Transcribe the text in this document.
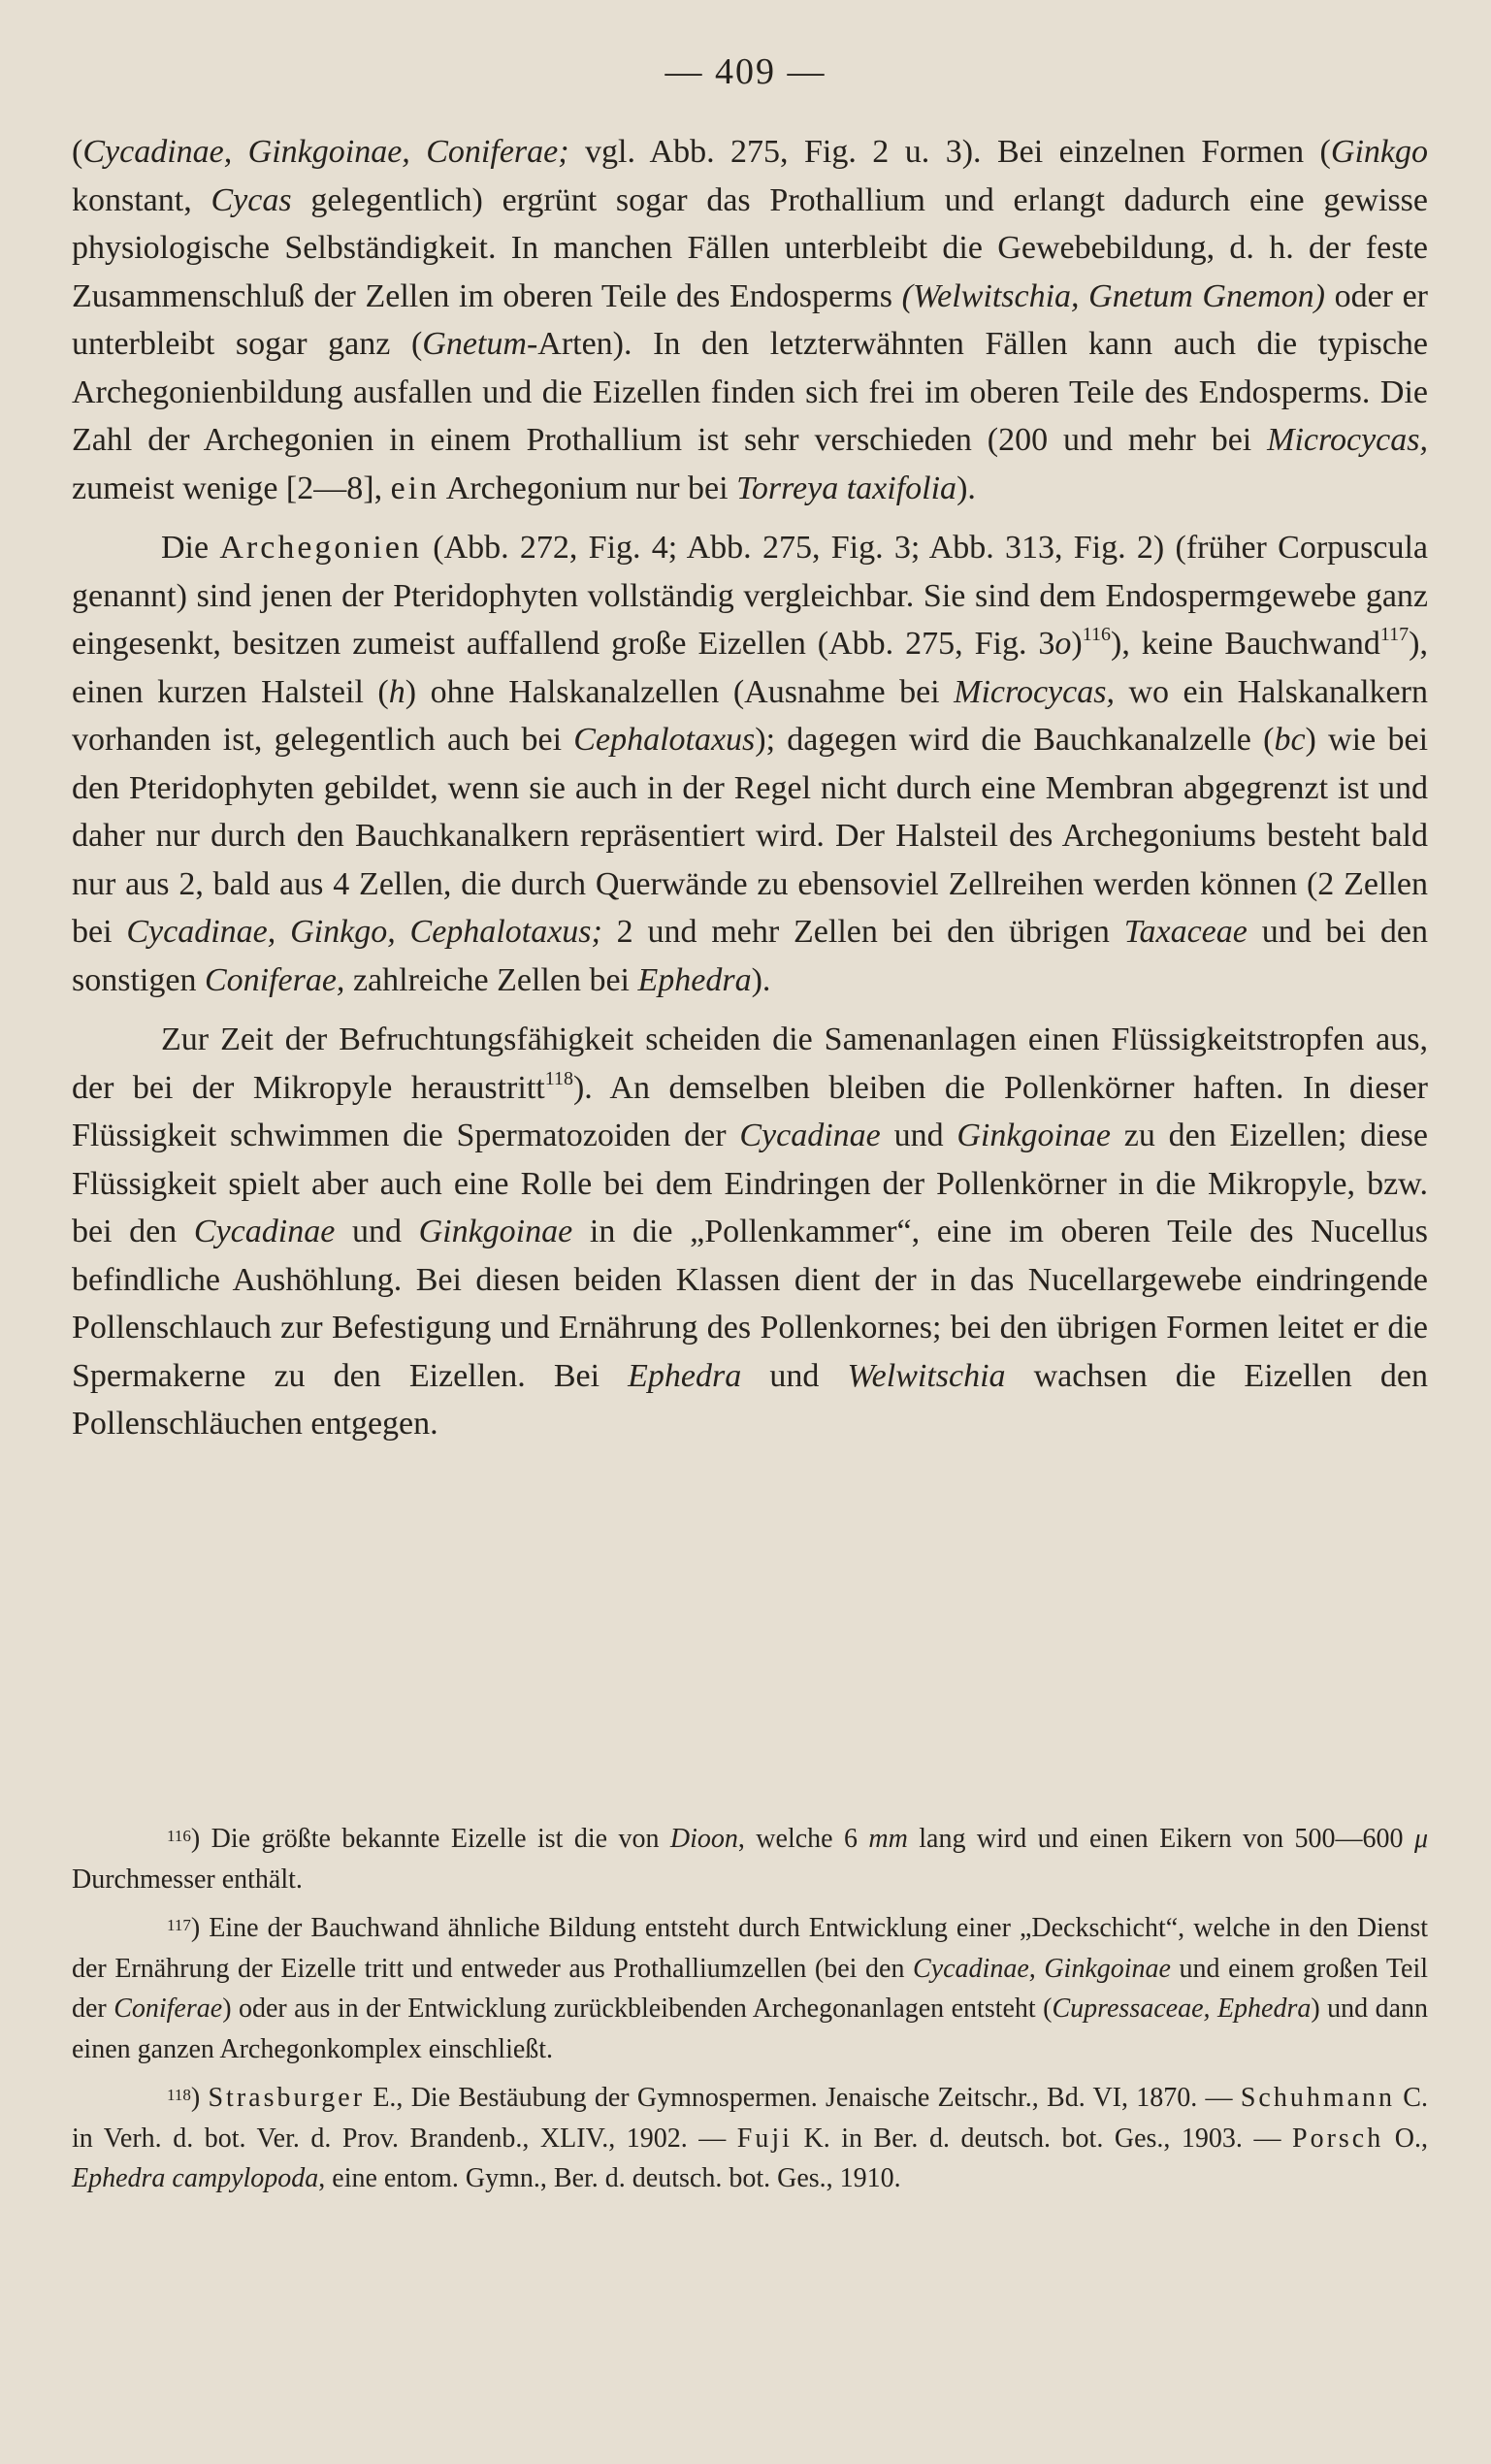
— 409 —

(Cycadinae, Ginkgoinae, Coniferae; vgl. Abb. 275, Fig. 2 u. 3). Bei einzelnen Formen (Ginkgo konstant, Cycas gelegentlich) ergrünt sogar das Prothallium und erlangt dadurch eine gewisse physiologische Selbständigkeit. In manchen Fällen unterbleibt die Gewebebildung, d. h. der feste Zusammenschluß der Zellen im oberen Teile des Endosperms (Welwitschia, Gnetum Gnemon) oder er unterbleibt sogar ganz (Gnetum-Arten). In den letzterwähnten Fällen kann auch die typische Archegonienbildung ausfallen und die Eizellen finden sich frei im oberen Teile des Endosperms. Die Zahl der Archegonien in einem Prothallium ist sehr verschieden (200 und mehr bei Microcycas, zumeist wenige [2—8], ein Archegonium nur bei Torreya taxifolia).

Die Archegonien (Abb. 272, Fig. 4; Abb. 275, Fig. 3; Abb. 313, Fig. 2) (früher Corpuscula genannt) sind jenen der Pteridophyten vollständig vergleichbar. Sie sind dem Endospermgewebe ganz eingesenkt, besitzen zumeist auffallend große Eizellen (Abb. 275, Fig. 3o)$^{116}$), keine Bauchwand$^{117}$), einen kurzen Halsteil (h) ohne Halskanalzellen (Ausnahme bei Microcycas, wo ein Halskanalkern vorhanden ist, gelegentlich auch bei Cephalotaxus); dagegen wird die Bauchkanalzelle (bc) wie bei den Pteridophyten gebildet, wenn sie auch in der Regel nicht durch eine Membran abgegrenzt ist und daher nur durch den Bauchkanalkern repräsentiert wird. Der Halsteil des Archegoniums besteht bald nur aus 2, bald aus 4 Zellen, die durch Querwände zu ebensoviel Zellreihen werden können (2 Zellen bei Cycadinae, Ginkgo, Cephalotaxus; 2 und mehr Zellen bei den übrigen Taxaceae und bei den sonstigen Coniferae, zahlreiche Zellen bei Ephedra).

Zur Zeit der Befruchtungsfähigkeit scheiden die Samenanlagen einen Flüssigkeitstropfen aus, der bei der Mikropyle heraustritt$^{118}$). An demselben bleiben die Pollenkörner haften. In dieser Flüssigkeit schwimmen die Spermatozoiden der Cycadinae und Ginkgoinae zu den Eizellen; diese Flüssigkeit spielt aber auch eine Rolle bei dem Eindringen der Pollenkörner in die Mikropyle, bzw. bei den Cycadinae und Ginkgoinae in die „Pollenkammer“, eine im oberen Teile des Nucellus befindliche Aushöhlung. Bei diesen beiden Klassen dient der in das Nucellargewebe eindringende Pollenschlauch zur Befestigung und Ernährung des Pollenkornes; bei den übrigen Formen leitet er die Spermakerne zu den Eizellen. Bei Ephedra und Welwitschia wachsen die Eizellen den Pollenschläuchen entgegen.

$^{116}$) Die größte bekannte Eizelle ist die von Dioon, welche 6 mm lang wird und einen Eikern von 500—600 μ Durchmesser enthält.

$^{117}$) Eine der Bauchwand ähnliche Bildung entsteht durch Entwicklung einer „Deckschicht“, welche in den Dienst der Ernährung der Eizelle tritt und entweder aus Prothalliumzellen (bei den Cycadinae, Ginkgoinae und einem großen Teil der Coniferae) oder aus in der Entwicklung zurückbleibenden Archegonanlagen entsteht (Cupressaceae, Ephedra) und dann einen ganzen Archegonkomplex einschließt.

$^{118}$) Strasburger E., Die Bestäubung der Gymnospermen. Jenaische Zeitschr., Bd. VI, 1870. — Schuhmann C. in Verh. d. bot. Ver. d. Prov. Brandenb., XLIV., 1902. — Fuji K. in Ber. d. deutsch. bot. Ges., 1903. — Porsch O., Ephedra campylopoda, eine entom. Gymn., Ber. d. deutsch. bot. Ges., 1910.
